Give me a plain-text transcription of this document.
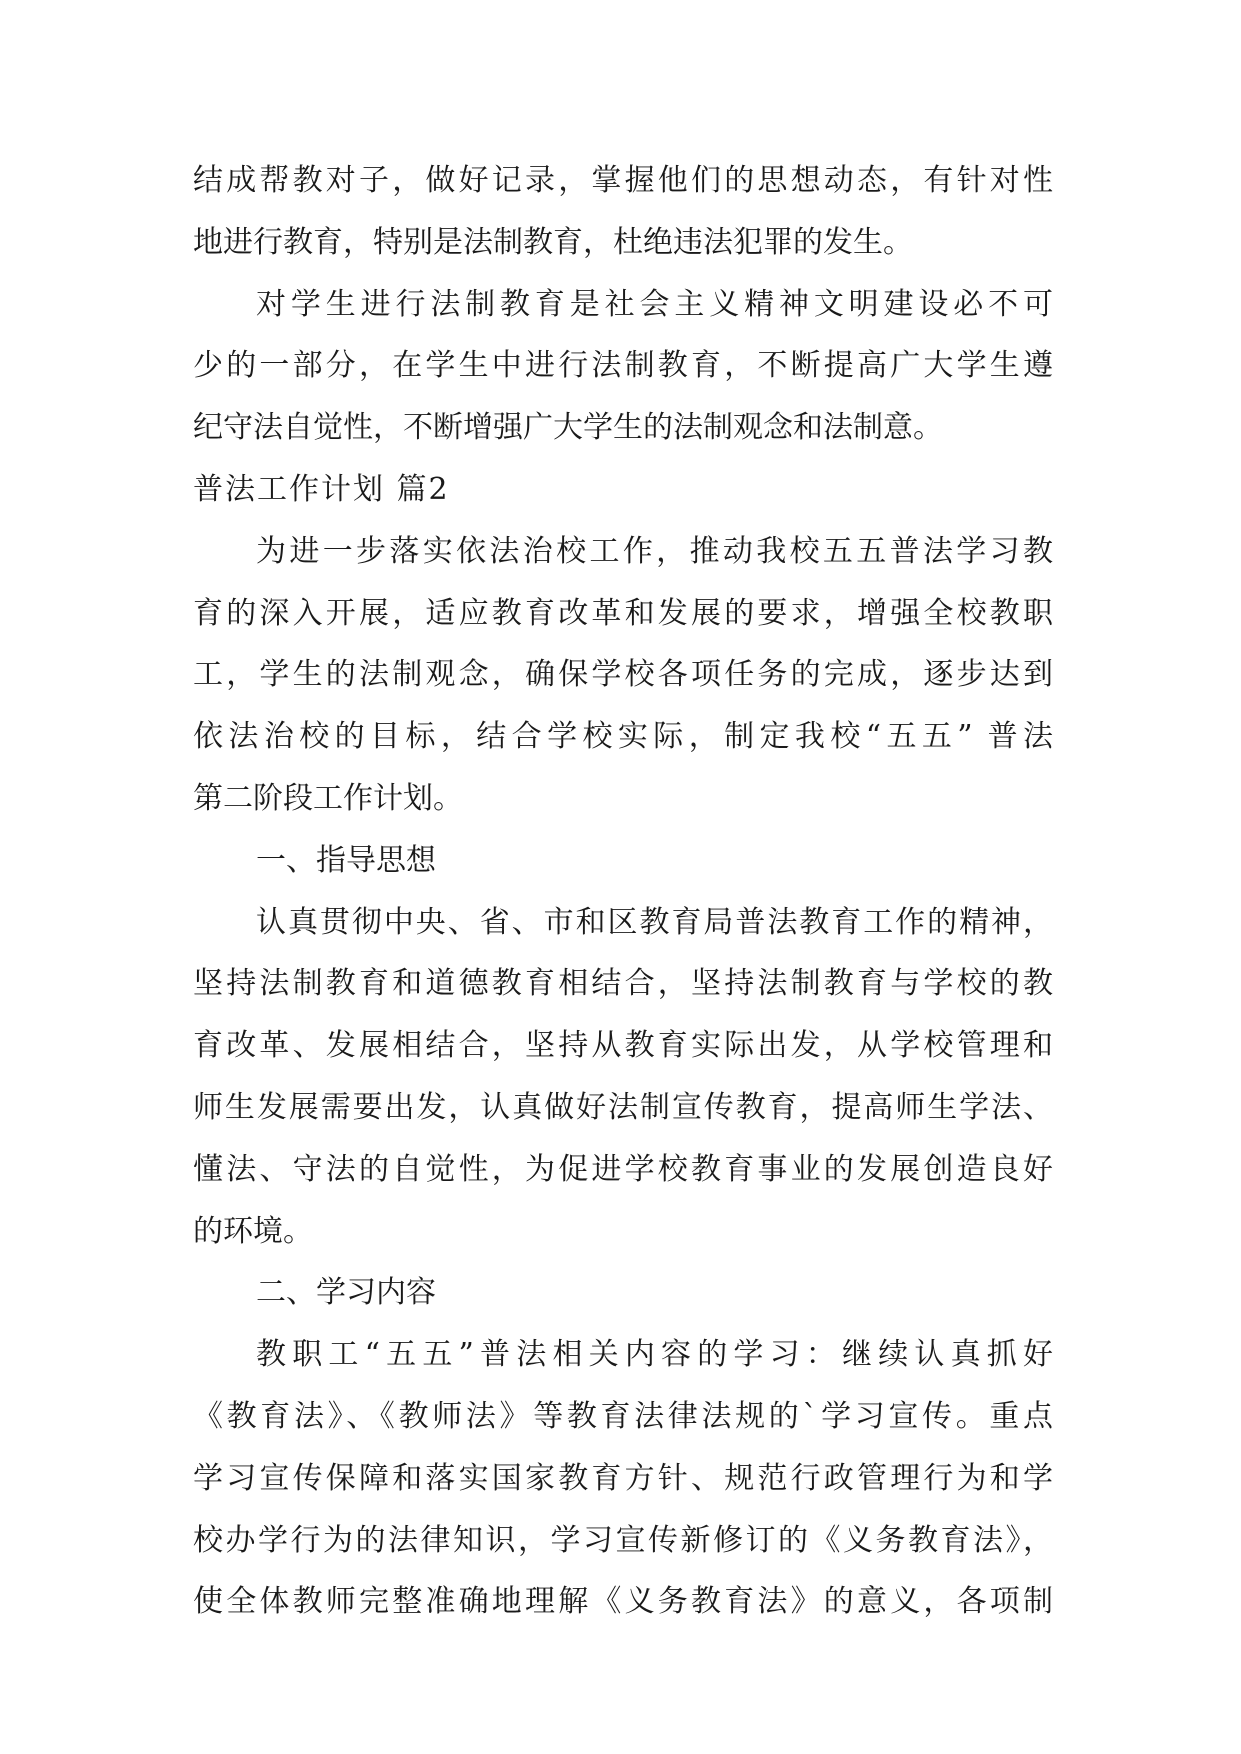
结成帮教对子，做好记录，掌握他们的思想动态，有针对性
地进行教育，特别是法制教育，杜绝违法犯罪的发生。
对学生进行法制教育是社会主义精神文明建设必不可
少的一部分，在学生中进行法制教育，不断提高广大学生遵
纪守法自觉性，不断增强广大学生的法制观念和法制意。
普法工作计划 篇2
为进一步落实依法治校工作，推动我校五五普法学习教
育的深入开展，适应教育改革和发展的要求，增强全校教职
工，学生的法制观念，确保学校各项任务的完成，逐步达到
依法治校的目标，结合学校实际，制定我校“五五” 普法
第二阶段工作计划。
一、指导思想
认真贯彻中央、省、市和区教育局普法教育工作的精神，
坚持法制教育和道德教育相结合，坚持法制教育与学校的教
育改革、发展相结合，坚持从教育实际出发，从学校管理和
师生发展需要出发，认真做好法制宣传教育，提高师生学法、
懂法、守法的自觉性，为促进学校教育事业的发展创造良好
的环境。
二、学习内容
教职工“五五”普法相关内容的学习：继续认真抓好
《教育法》、《教师法》等教育法律法规的`学习宣传。重点
学习宣传保障和落实国家教育方针、规范行政管理行为和学
校办学行为的法律知识，学习宣传新修订的《义务教育法》，
使全体教师完整准确地理解《义务教育法》的意义，各项制
